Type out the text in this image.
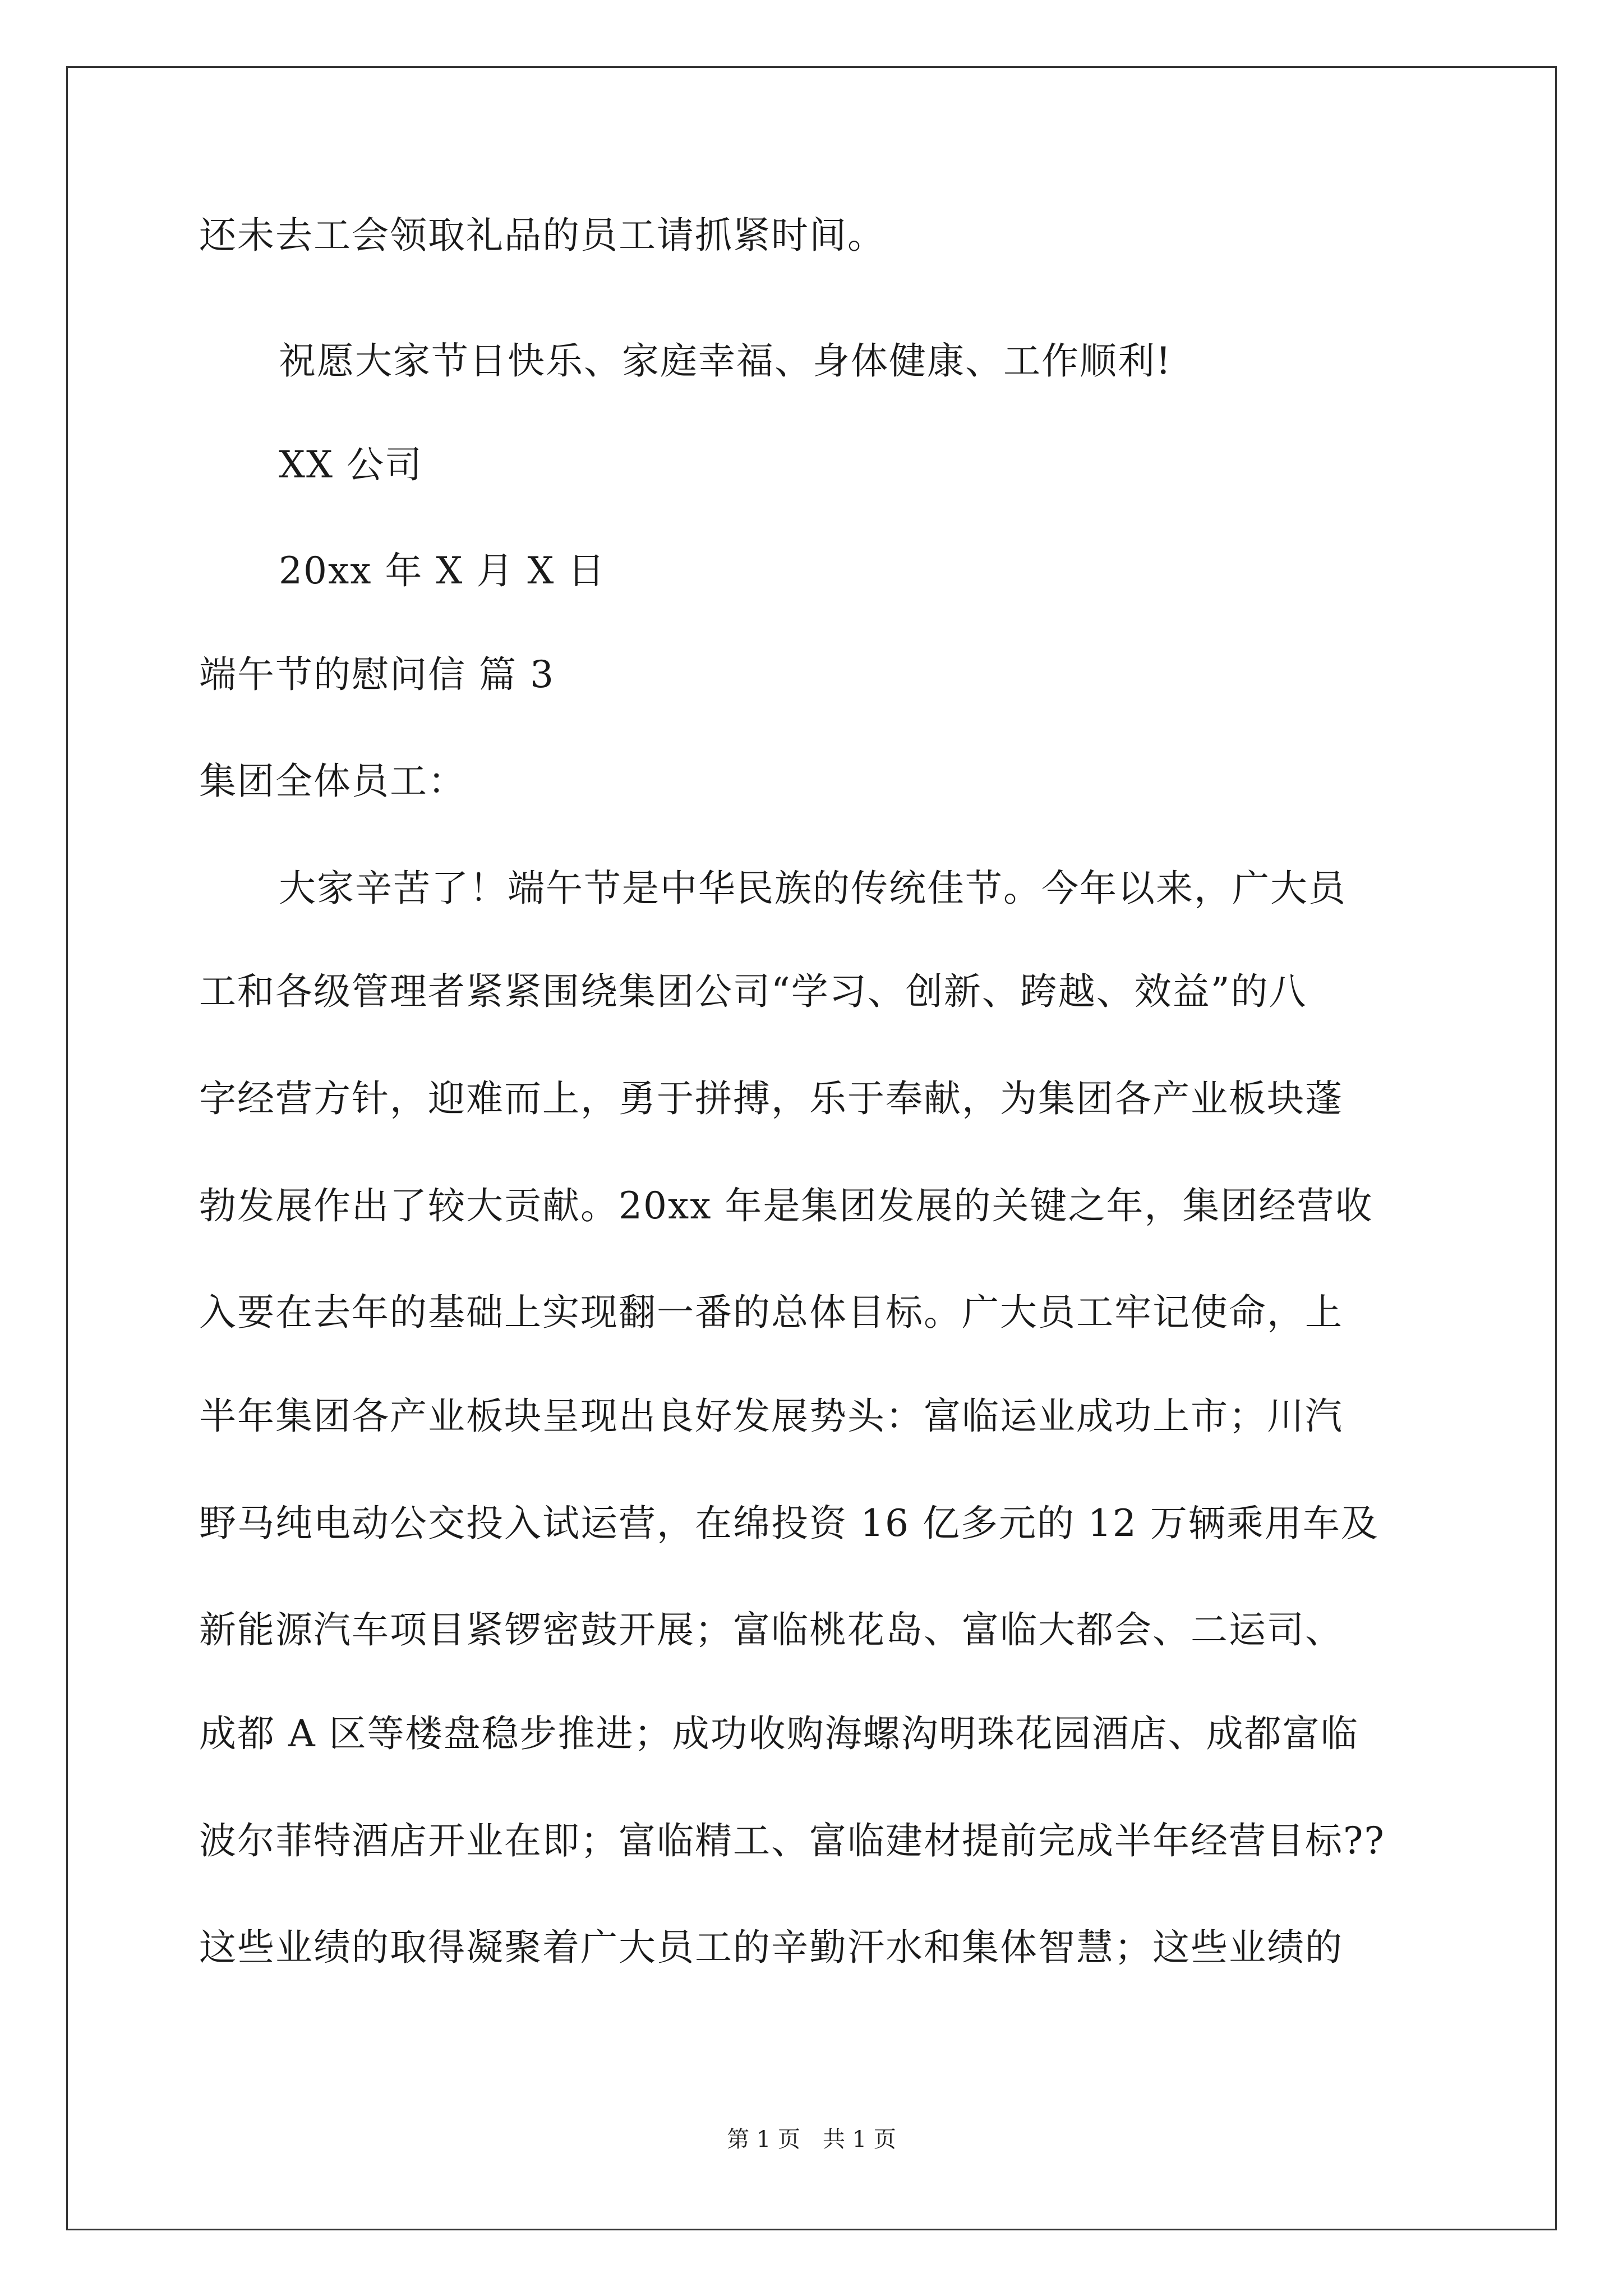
还未去工会领取礼品的员工请抓紧时间。
祝愿大家节日快乐、家庭幸福、身体健康、工作顺利!
XX 公司
20xx 年 X 月 X 日
端午节的慰问信 篇 3
集团全体员工：
大家辛苦了！端午节是中华民族的传统佳节。今年以来，广大员
工和各级管理者紧紧围绕集团公司“学习、创新、跨越、效益”的八
字经营方针，迎难而上，勇于拼搏，乐于奉献，为集团各产业板块蓬
勃发展作出了较大贡献。20xx 年是集团发展的关键之年，集团经营收
入要在去年的基础上实现翻一番的总体目标。广大员工牢记使命，上
半年集团各产业板块呈现出良好发展势头：富临运业成功上市；川汽
野马纯电动公交投入试运营，在绵投资 16 亿多元的 12 万辆乘用车及
新能源汽车项目紧锣密鼓开展；富临桃花岛、富临大都会、二运司、
成都 A 区等楼盘稳步推进；成功收购海螺沟明珠花园酒店、成都富临
波尔菲特酒店开业在即；富临精工、富临建材提前完成半年经营目标??
这些业绩的取得凝聚着广大员工的辛勤汗水和集体智慧；这些业绩的
第 1 页　共 1 页
